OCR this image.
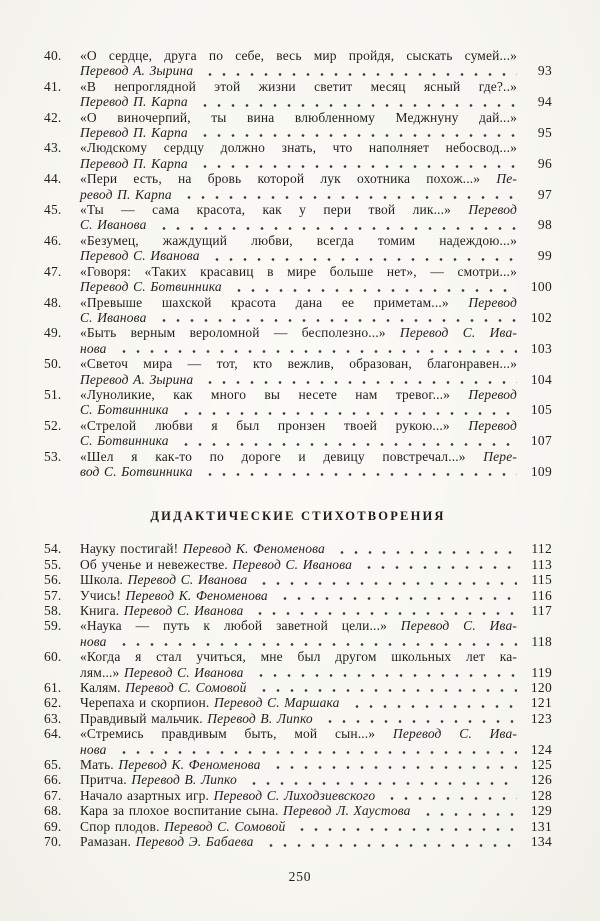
40.	«О сердце, друга по себе, весь мир пройдя, сыскать сумей...»
Перевод А. Зырина	93
41.	«В непроглядной этой жизни светит месяц ясный где?..»
Перевод П. Карпа	94
42.	«О виночерпий, ты вина влюбленному Меджнуну дай...»
Перевод П. Карпа	95
43.	«Людскому сердцу должно знать, что наполняет небосвод...»
Перевод П. Карпа	96
44.	«Пери есть, на бровь которой лук охотника похож...» Пе-
ревод П. Карпа	97
45.	«Ты — сама красота, как у пери твой лик...» Перевод
С. Иванова	98
46.	«Безумец, жаждущий любви, всегда томим надеждою...»
Перевод С. Иванова	99
47.	«Говоря: «Таких красавиц в мире больше нет», — смотри...»
Перевод С. Ботвинника	100
48.	«Превыше шахской красота дана ее приметам...» Перевод
С. Иванова	102
49.	«Быть верным вероломной — бесполезно...» Перевод С. Ива-
нова	103
50.	«Светоч мира — тот, кто вежлив, образован, благонравен...»
Перевод А. Зырина	104
51.	«Луноликие, как много вы несете нам тревог...» Перевод
С. Ботвинника	105
52.	«Стрелой любви я был пронзен твоей рукою...» Перевод
С. Ботвинника	107
53.	«Шел я как-то по дороге и девицу повстречал...» Пере-
вод С. Ботвинника	109
ДИДАКТИЧЕСКИЕ СТИХОТВОРЕНИЯ
54.	Науку постигай! Перевод К. Феноменова	112
55.	Об ученье и невежестве. Перевод С. Иванова	113
56.	Школа. Перевод С. Иванова	115
57.	Учись! Перевод К. Феноменова	116
58.	Книга. Перевод С. Иванова	117
59.	«Наука — путь к любой заветной цели...» Перевод С. Ива-
нова	118
60.	«Когда я стал учиться, мне был другом школьных лет ка-
лям...» Перевод С. Иванова	119
61.	Калям. Перевод С. Сомовой	120
62.	Черепаха и скорпион. Перевод С. Маршака	121
63.	Правдивый мальчик. Перевод В. Липко	123
64.	«Стремись правдивым быть, мой сын...» Перевод С. Ива-
нова	124
65.	Мать. Перевод К. Феноменова	125
66.	Притча. Перевод В. Липко	126
67.	Начало азартных игр. Перевод С. Лиходзиевского	128
68.	Кара за плохое воспитание сына. Перевод Л. Хаустова	129
69.	Спор плодов. Перевод С. Сомовой	131
70.	Рамазан. Перевод Э. Бабаева	134
250
